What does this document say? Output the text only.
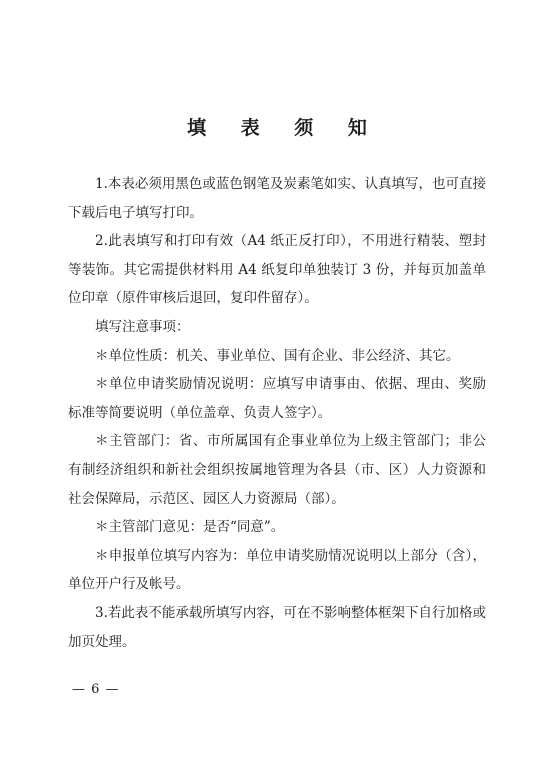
填 表 须 知

1.本表必须用黑色或蓝色钢笔及炭素笔如实、认真填写，也可直接下载后电子填写打印。

2.此表填写和打印有效（A4 纸正反打印），不用进行精装、塑封等装饰。其它需提供材料用 A4 纸复印单独装订 3 份，并每页加盖单位印章（原件审核后退回，复印件留存）。

填写注意事项：

＊单位性质：机关、事业单位、国有企业、非公经济、其它。

＊单位申请奖励情况说明：应填写申请事由、依据、理由、奖励标准等简要说明（单位盖章、负责人签字）。

＊主管部门：省、市所属国有企事业单位为上级主管部门；非公有制经济组织和新社会组织按属地管理为各县（市、区）人力资源和社会保障局，示范区、园区人力资源局（部）。

＊主管部门意见：是否“同意”。

＊申报单位填写内容为：单位申请奖励情况说明以上部分（含），单位开户行及帐号。

3.若此表不能承载所填写内容，可在不影响整体框架下自行加格或加页处理。

— 6 —
